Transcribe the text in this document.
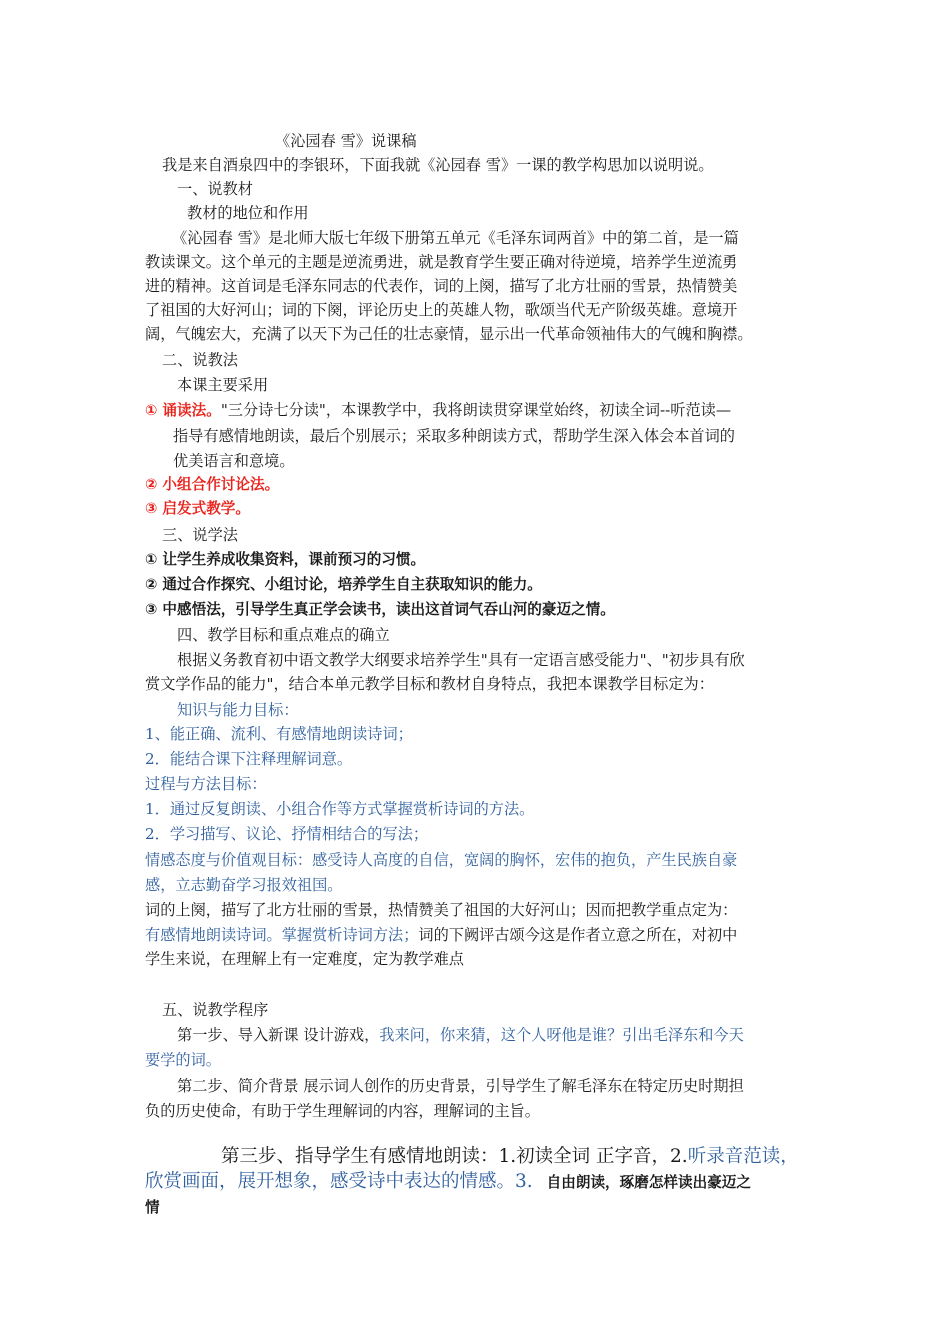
《沁园春 雪》说课稿
我是来自酒泉四中的李银环，下面我就《沁园春 雪》一课的教学构思加以说明说。
一、说教材
教材的地位和作用
《沁园春 雪》是北师大版七年级下册第五单元《毛泽东词两首》中的第二首，是一篇
教读课文。这个单元的主题是逆流勇进，就是教育学生要正确对待逆境，培养学生逆流勇
进的精神。这首词是毛泽东同志的代表作，词的上阕，描写了北方壮丽的雪景，热情赞美
了祖国的大好河山；词的下阕，评论历史上的英雄人物，歌颂当代无产阶级英雄。意境开
阔，气魄宏大，充满了以天下为己任的壮志豪情，显示出一代革命领袖伟大的气魄和胸襟。
二、说教法
本课主要采用
① 诵读法。"三分诗七分读"，本课教学中，我将朗读贯穿课堂始终，初读全词--听范读—
指导有感情地朗读，最后个别展示；采取多种朗读方式，帮助学生深入体会本首词的
优美语言和意境。
② 小组合作讨论法。
③ 启发式教学。
三、说学法
① 让学生养成收集资料，课前预习的习惯。
② 通过合作探究、小组讨论，培养学生自主获取知识的能力。
③ 中感悟法，引导学生真正学会读书，读出这首词气吞山河的豪迈之情。
四、教学目标和重点难点的确立
根据义务教育初中语文教学大纲要求培养学生"具有一定语言感受能力"、"初步具有欣
赏文学作品的能力"，结合本单元教学目标和教材自身特点，我把本课教学目标定为：
知识与能力目标：
1、能正确、流利、有感情地朗读诗词；
2．能结合课下注释理解词意。
过程与方法目标：
1．通过反复朗读、小组合作等方式掌握赏析诗词的方法。
2．学习描写、议论、抒情相结合的写法；
情感态度与价值观目标：感受诗人高度的自信，宽阔的胸怀，宏伟的抱负，产生民族自豪
感，立志勤奋学习报效祖国。
词的上阕，描写了北方壮丽的雪景，热情赞美了祖国的大好河山；因而把教学重点定为：
有感情地朗读诗词。掌握赏析诗词方法；词的下阙评古颂今这是作者立意之所在，对初中
学生来说，在理解上有一定难度，定为教学难点
五、说教学程序
第一步、导入新课 设计游戏，我来问，你来猜，这个人呀他是谁？引出毛泽东和今天
要学的词。
第二步、简介背景 展示词人创作的历史背景，引导学生了解毛泽东在特定历史时期担
负的历史使命，有助于学生理解词的内容，理解词的主旨。
第三步、指导学生有感情地朗读：1.初读全词 正字音，2.听录音范读，
欣赏画面，展开想象，感受诗中表达的情感。3. 自由朗读，琢磨怎样读出豪迈之
情
